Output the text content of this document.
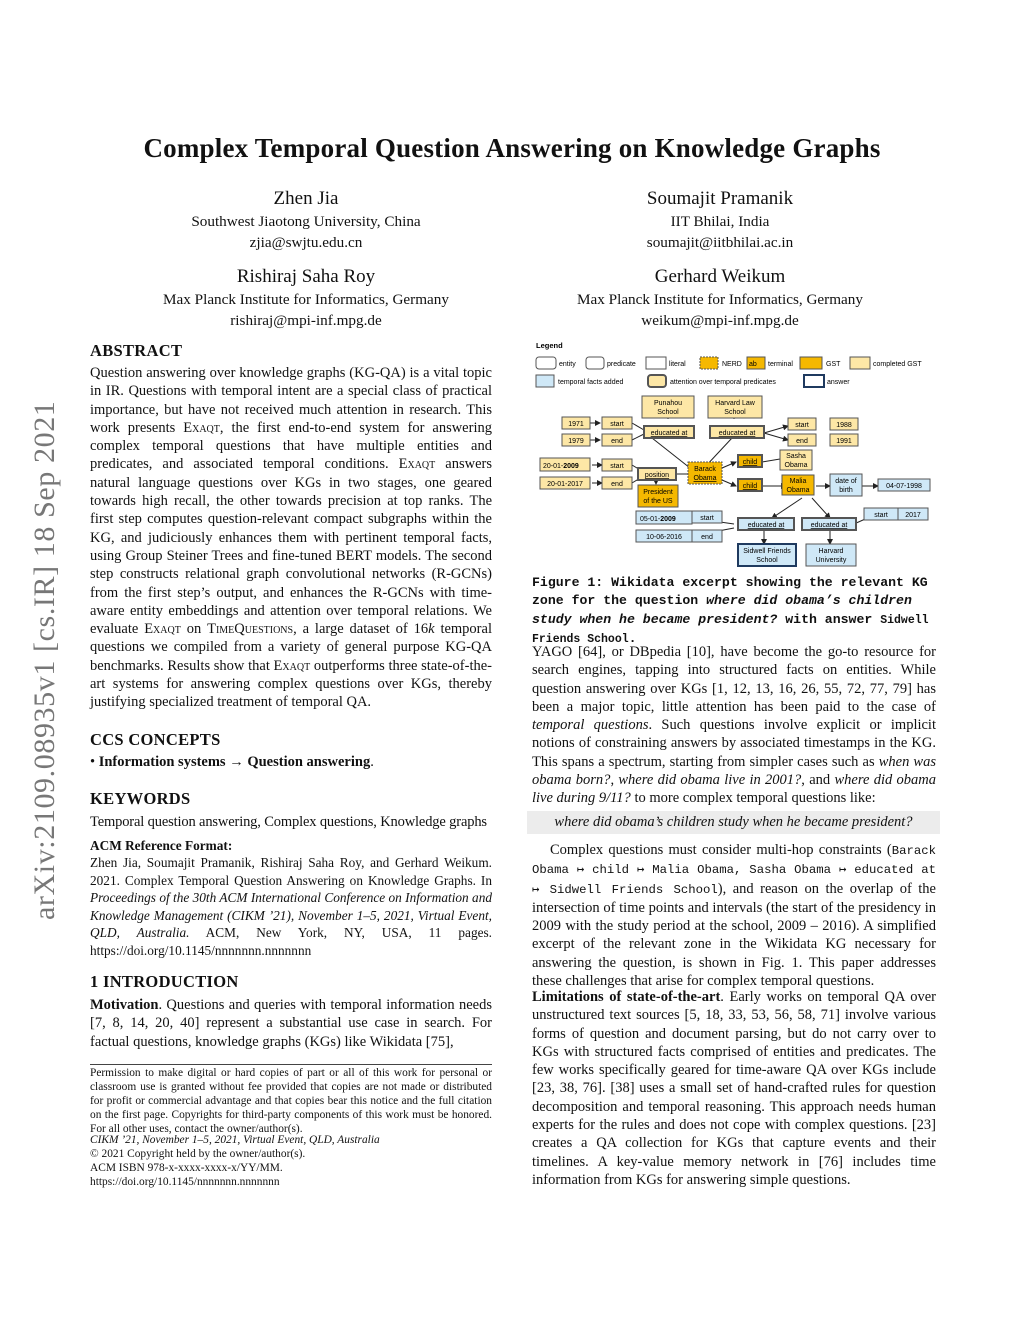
Complex Temporal Question Answering on Knowledge Graphs
arXiv:2109.08935v1 [cs.IR] 18 Sep 2021
Zhen Jia
Southwest Jiaotong University, China
zjia@swjtu.edu.cn
Soumajit Pramanik
IIT Bhilai, India
soumajit@iitbhilai.ac.in
Rishiraj Saha Roy
Max Planck Institute for Informatics, Germany
rishiraj@mpi-inf.mpg.de
Gerhard Weikum
Max Planck Institute for Informatics, Germany
weikum@mpi-inf.mpg.de
ABSTRACT
Question answering over knowledge graphs (KG-QA) is a vital topic in IR. Questions with temporal intent are a special class of practical importance, but have not received much attention in research. This work presents Exaqt, the first end-to-end system for answering complex temporal questions that have multiple entities and predicates, and associated temporal conditions. Exaqt answers natural language questions over KGs in two stages, one geared towards high recall, the other towards precision at top ranks. The first step computes question-relevant compact subgraphs within the KG, and judiciously enhances them with pertinent temporal facts, using Group Steiner Trees and fine-tuned BERT models. The second step constructs relational graph convolutional networks (R-GCNs) from the first step’s output, and enhances the R-GCNs with time-aware entity embeddings and attention over temporal relations. We evaluate Exaqt on TimeQuestions, a large dataset of 16k temporal questions we compiled from a variety of general purpose KG-QA benchmarks. Results show that Exaqt outperforms three state-of-the-art systems for answering complex questions over KGs, thereby justifying specialized treatment of temporal QA.
CCS CONCEPTS
• Information systems → Question answering.
KEYWORDS
Temporal question answering, Complex questions, Knowledge graphs
ACM Reference Format:
Zhen Jia, Soumajit Pramanik, Rishiraj Saha Roy, and Gerhard Weikum. 2021. Complex Temporal Question Answering on Knowledge Graphs. In Proceedings of the 30th ACM International Conference on Information and Knowledge Management (CIKM ’21), November 1–5, 2021, Virtual Event, QLD, Australia. ACM, New York, NY, USA, 11 pages. https://doi.org/10.1145/nnnnnnn.nnnnnnn
1 INTRODUCTION
Motivation. Questions and queries with temporal information needs [7, 8, 14, 20, 40] represent a substantial use case in search. For factual questions, knowledge graphs (KGs) like Wikidata [75],
Permission to make digital or hard copies of part or all of this work for personal or classroom use is granted without fee provided that copies are not made or distributed for profit or commercial advantage and that copies bear this notice and the full citation on the first page. Copyrights for third-party components of this work must be honored. For all other uses, contact the owner/author(s).
CIKM ’21, November 1–5, 2021, Virtual Event, QLD, Australia
© 2021 Copyright held by the owner/author(s).
ACM ISBN 978-x-xxxx-xxxx-x/YY/MM.
https://doi.org/10.1145/nnnnnnn.nnnnnnn
Legend
entity	predicate	literal	NERD ab terminal	GST	completed GST
temporal facts added	attention over temporal predicates	answer
Punahou
School
Harvard Law
School
1971	start
educated at	educated at
start	1988
1979	end	end	1991
20-01-2009	start
child
Sasha
Obama
position
Barack
Obama
20-01-2017	end
President
of the US
child
Malia
Obama
date of
birth
04-07-1998
05-01-2009	start	start 2017
educated at	educated at
10-06-2016	end
Sidwell Friends
School
Harvard
University
Figure 1: Wikidata excerpt showing the relevant KG zone for the question where did obama’s children study when he became president? with answer Sidwell Friends School.
YAGO [64], or DBpedia [10], have become the go-to resource for search engines, tapping into structured facts on entities. While question answering over KGs [1, 12, 13, 16, 26, 55, 72, 77, 79] has been a major topic, little attention has been paid to the case of temporal questions. Such questions involve explicit or implicit notions of constraining answers by associated timestamps in the KG. This spans a spectrum, starting from simpler cases such as when was obama born?, where did obama live in 2001?, and where did obama live during 9/11? to more complex temporal questions like:
where did obama’s children study when he became president?
Complex questions must consider multi-hop constraints (Barack Obama ↦ child ↦ Malia Obama, Sasha Obama ↦ educated at ↦ Sidwell Friends School), and reason on the overlap of the intersection of time points and intervals (the start of the presidency in 2009 with the study period at the school, 2009 – 2016). A simplified excerpt of the relevant zone in the Wikidata KG necessary for answering the question, is shown in Fig. 1. This paper addresses these challenges that arise for complex temporal questions.
Limitations of state-of-the-art. Early works on temporal QA over unstructured text sources [5, 18, 33, 53, 56, 58, 71] involve various forms of question and document parsing, but do not carry over to KGs with structured facts comprised of entities and predicates. The few works specifically geared for time-aware QA over KGs include [23, 38, 76]. [38] uses a small set of hand-crafted rules for question decomposition and temporal reasoning. This approach needs human experts for the rules and does not cope with complex questions. [23] creates a QA collection for KGs that capture events and their timelines. A key-value memory network in [76] includes time information from KGs for answering simple questions.
